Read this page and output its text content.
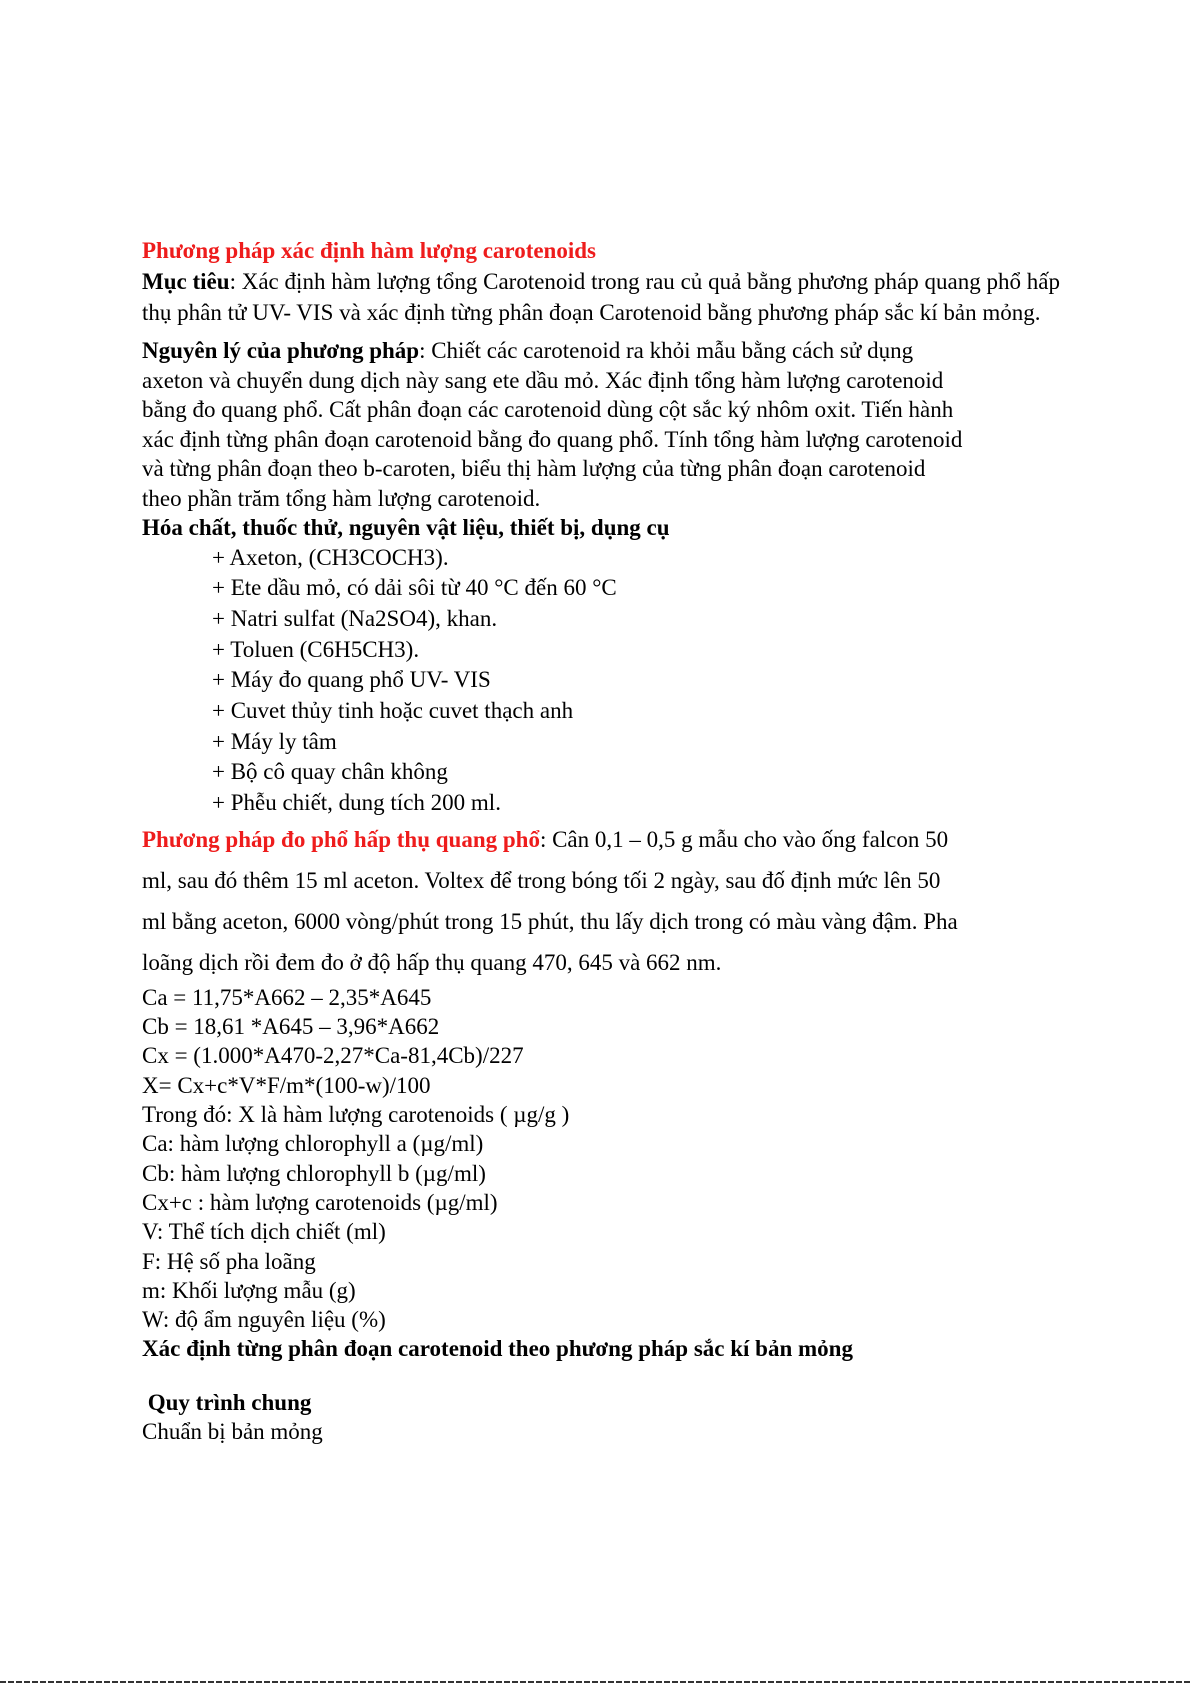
Phương pháp xác định hàm lượng carotenoids

Mục tiêu: Xác định hàm lượng tổng Carotenoid trong rau củ quả bằng phương pháp quang phổ hấp thụ phân tử UV- VIS và xác định từng phân đoạn Carotenoid bằng phương pháp sắc kí bản mỏng.

Nguyên lý của phương pháp: Chiết các carotenoid ra khỏi mẫu bằng cách sử dụng
axeton và chuyển dung dịch này sang ete dầu mỏ. Xác định tổng hàm lượng carotenoid
bằng đo quang phổ. Cất phân đoạn các carotenoid dùng cột sắc ký nhôm oxit. Tiến hành
xác định từng phân đoạn carotenoid bằng đo quang phổ. Tính tổng hàm lượng carotenoid
và từng phân đoạn theo b-caroten, biểu thị hàm lượng của từng phân đoạn carotenoid
theo phần trăm tổng hàm lượng carotenoid.

Hóa chất, thuốc thử, nguyên vật liệu, thiết bị, dụng cụ

+ Axeton, (CH3COCH3).
+ Ete dầu mỏ, có dải sôi từ 40 °C đến 60 °C
+ Natri sulfat (Na2SO4), khan.
+ Toluen (C6H5CH3).
+ Máy đo quang phổ UV- VIS
+ Cuvet thủy tinh hoặc cuvet thạch anh
+ Máy ly tâm
+ Bộ cô quay chân không
+ Phễu chiết, dung tích 200 ml.
Phương pháp đo phổ hấp thụ quang phổ: Cân 0,1 – 0,5 g mẫu cho vào ống falcon 50
ml, sau đó thêm 15 ml aceton. Voltex để trong bóng tối 2 ngày, sau đố định mức lên 50
ml bằng aceton, 6000 vòng/phút trong 15 phút, thu lấy dịch trong có màu vàng đậm. Pha
loãng dịch rồi đem đo ở độ hấp thụ quang 470, 645 và 662 nm.
Ca = 11,75*A662 – 2,35*A645
Cb = 18,61 *A645 – 3,96*A662
Cx = (1.000*A470-2,27*Ca-81,4Cb)/227
X= Cx+c*V*F/m*(100-w)/100
Trong đó: X là hàm lượng carotenoids ( µg/g )
Ca: hàm lượng chlorophyll a (µg/ml)
Cb: hàm lượng chlorophyll b (µg/ml)
Cx+c : hàm lượng carotenoids (µg/ml)
V: Thể tích dịch chiết (ml)
F: Hệ số pha loãng
m: Khối lượng mẫu (g)
W: độ ẩm nguyên liệu (%)

Xác định từng phân đoạn carotenoid theo phương pháp sắc kí bản mỏng

Quy trình chung

Chuẩn bị bản mỏng
